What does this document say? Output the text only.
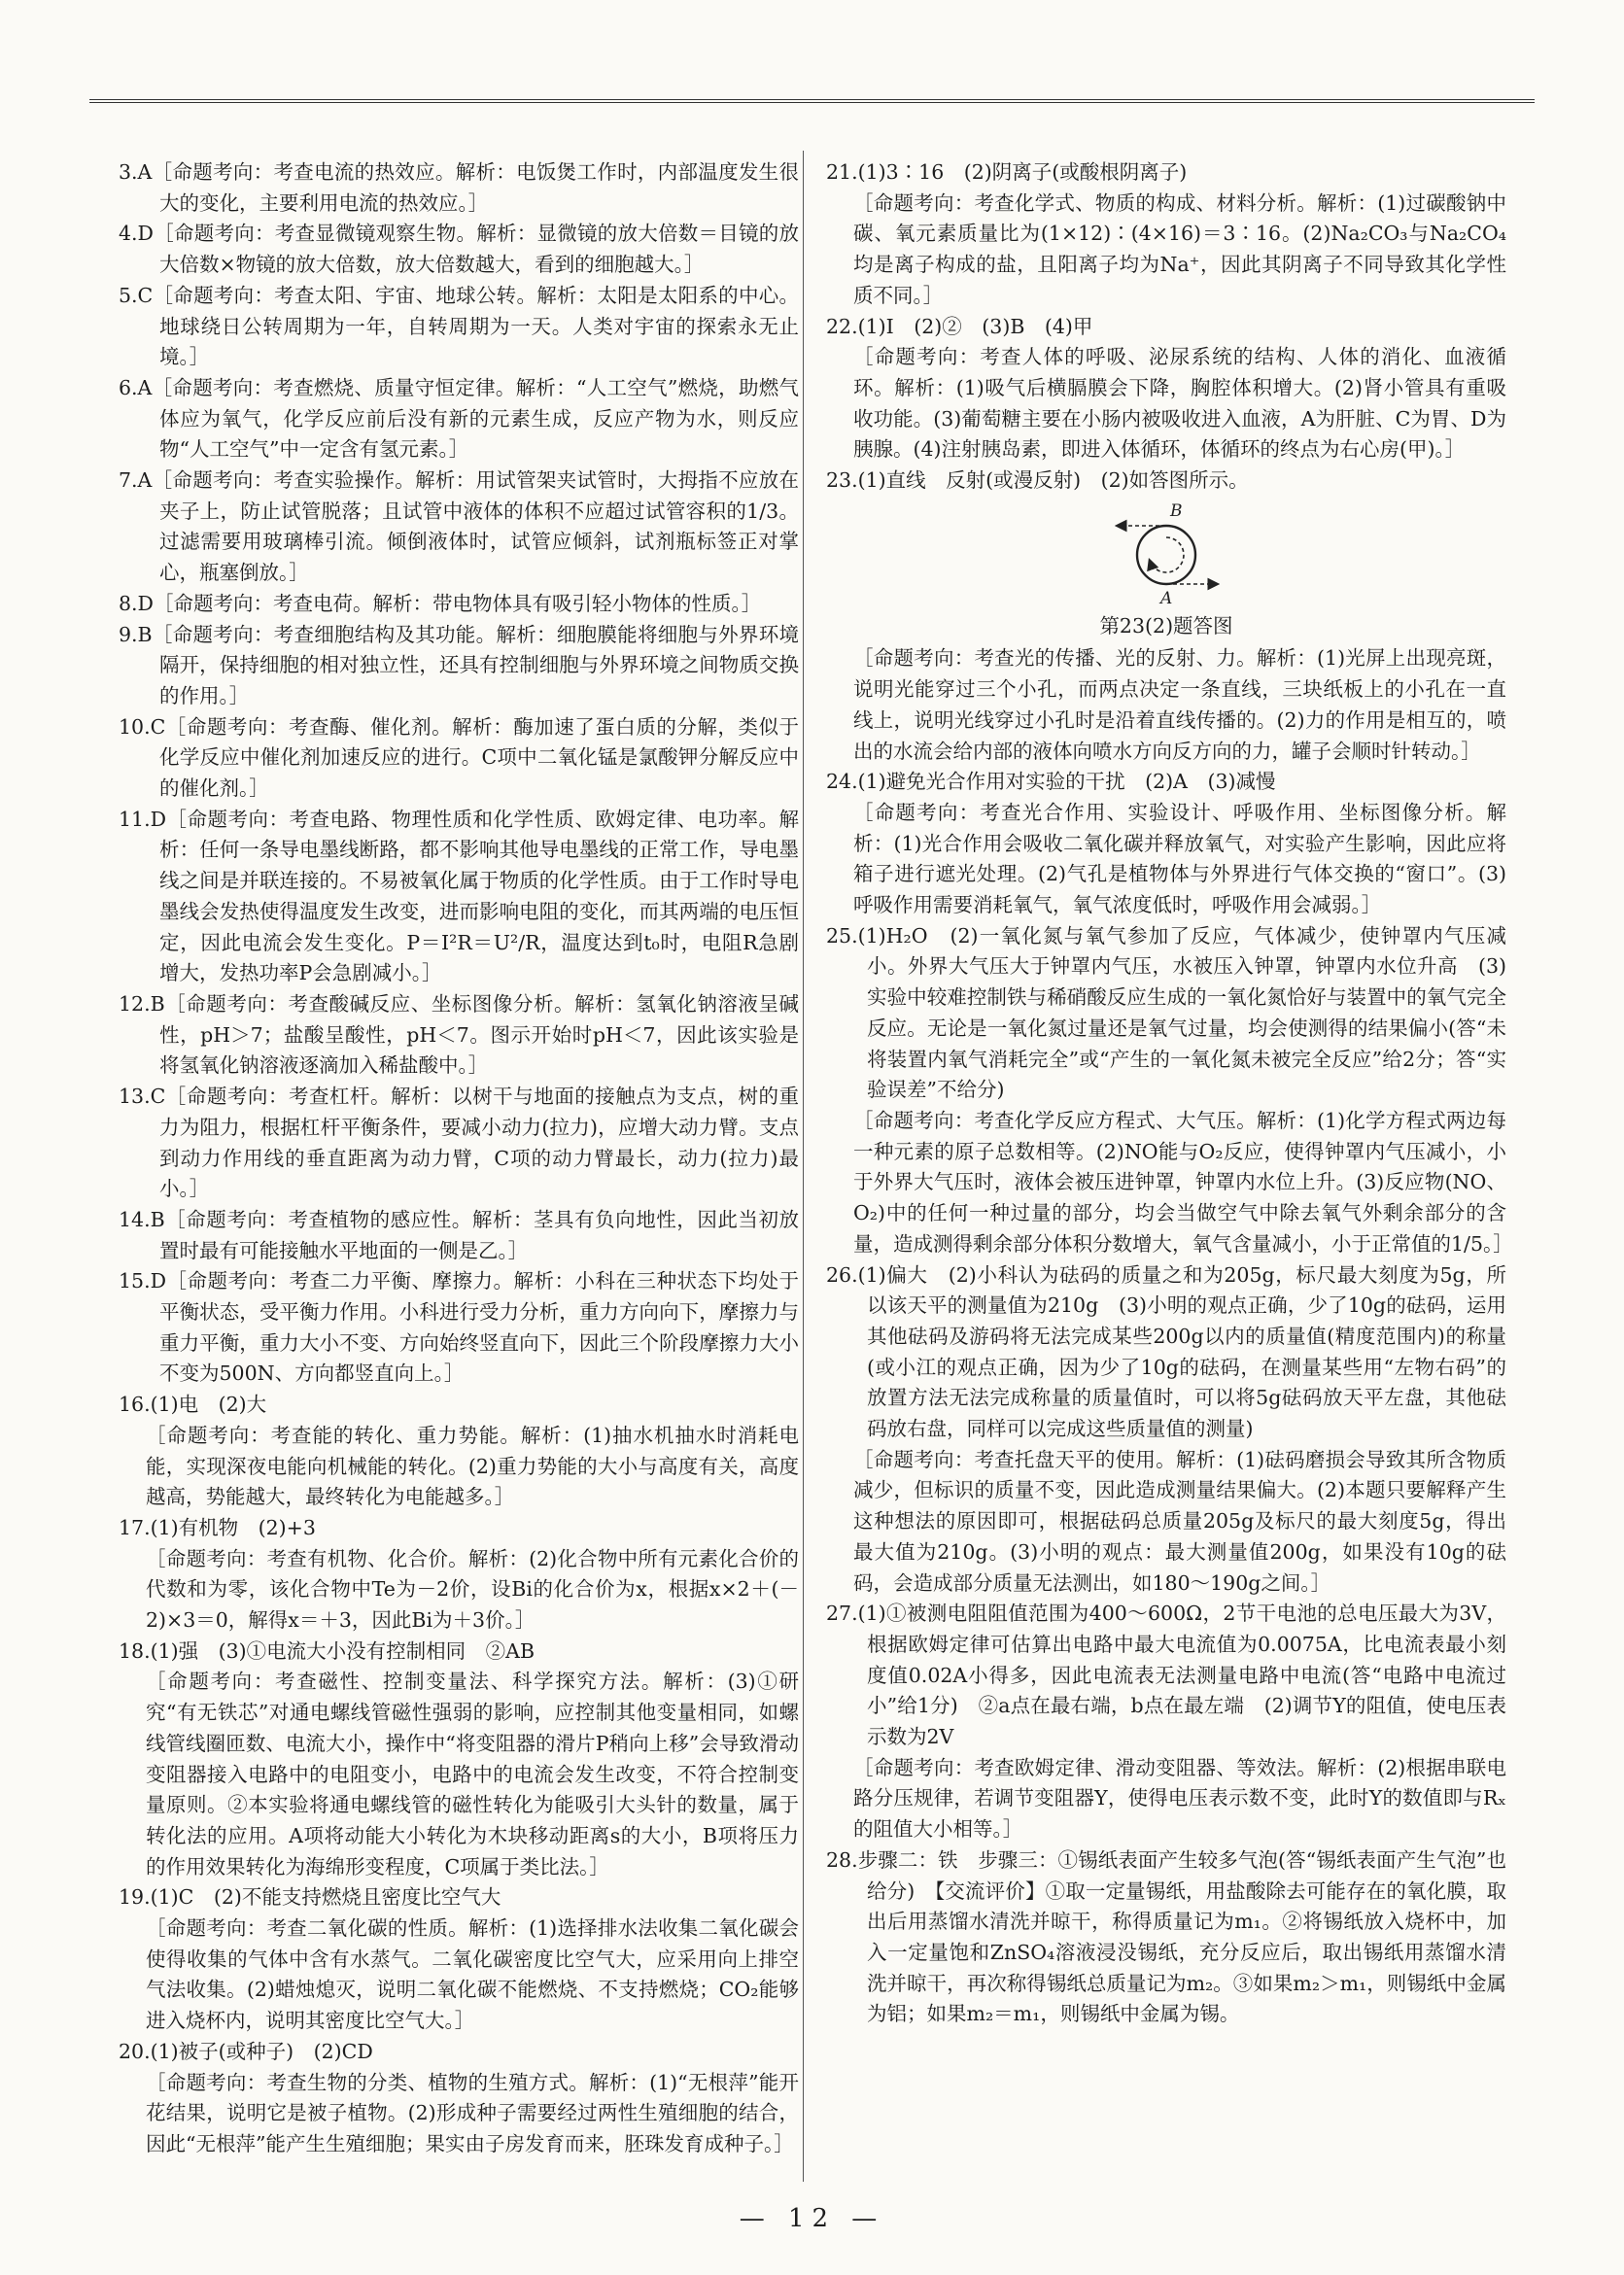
3.A［命题考向：考查电流的热效应。解析：电饭煲工作时，内部温度发生很大的变化，主要利用电流的热效应。］

4.D［命题考向：考查显微镜观察生物。解析：显微镜的放大倍数＝目镜的放大倍数×物镜的放大倍数，放大倍数越大，看到的细胞越大。］

5.C［命题考向：考查太阳、宇宙、地球公转。解析：太阳是太阳系的中心。地球绕日公转周期为一年，自转周期为一天。人类对宇宙的探索永无止境。］

6.A［命题考向：考查燃烧、质量守恒定律。解析：“人工空气”燃烧，助燃气体应为氧气，化学反应前后没有新的元素生成，反应产物为水，则反应物“人工空气”中一定含有氢元素。］

7.A［命题考向：考查实验操作。解析：用试管架夹试管时，大拇指不应放在夹子上，防止试管脱落；且试管中液体的体积不应超过试管容积的1/3。过滤需要用玻璃棒引流。倾倒液体时，试管应倾斜，试剂瓶标签正对掌心，瓶塞倒放。］

8.D［命题考向：考查电荷。解析：带电物体具有吸引轻小物体的性质。］

9.B［命题考向：考查细胞结构及其功能。解析：细胞膜能将细胞与外界环境隔开，保持细胞的相对独立性，还具有控制细胞与外界环境之间物质交换的作用。］

10.C［命题考向：考查酶、催化剂。解析：酶加速了蛋白质的分解，类似于化学反应中催化剂加速反应的进行。C项中二氧化锰是氯酸钾分解反应中的催化剂。］

11.D［命题考向：考查电路、物理性质和化学性质、欧姆定律、电功率。解析：任何一条导电墨线断路，都不影响其他导电墨线的正常工作，导电墨线之间是并联连接的。不易被氧化属于物质的化学性质。由于工作时导电墨线会发热使得温度发生改变，进而影响电阻的变化，而其两端的电压恒定，因此电流会发生变化。P＝I²R＝U²/R，温度达到t₀时，电阻R急剧增大，发热功率P会急剧减小。］

12.B［命题考向：考查酸碱反应、坐标图像分析。解析：氢氧化钠溶液呈碱性，pH＞7；盐酸呈酸性，pH＜7。图示开始时pH＜7，因此该实验是将氢氧化钠溶液逐滴加入稀盐酸中。］

13.C［命题考向：考查杠杆。解析：以树干与地面的接触点为支点，树的重力为阻力，根据杠杆平衡条件，要减小动力(拉力)，应增大动力臂。支点到动力作用线的垂直距离为动力臂，C项的动力臂最长，动力(拉力)最小。］

14.B［命题考向：考查植物的感应性。解析：茎具有负向地性，因此当初放置时最有可能接触水平地面的一侧是乙。］

15.D［命题考向：考查二力平衡、摩擦力。解析：小科在三种状态下均处于平衡状态，受平衡力作用。小科进行受力分析，重力方向向下，摩擦力与重力平衡，重力大小不变、方向始终竖直向下，因此三个阶段摩擦力大小不变为500N、方向都竖直向上。］

16.(1)电　(2)大

［命题考向：考查能的转化、重力势能。解析：(1)抽水机抽水时消耗电能，实现深夜电能向机械能的转化。(2)重力势能的大小与高度有关，高度越高，势能越大，最终转化为电能越多。］

17.(1)有机物　(2)+3

［命题考向：考查有机物、化合价。解析：(2)化合物中所有元素化合价的代数和为零，该化合物中Te为－2价，设Bi的化合价为x，根据x×2＋(－2)×3＝0，解得x＝＋3，因此Bi为＋3价。］

18.(1)强　(3)①电流大小没有控制相同　②AB

［命题考向：考查磁性、控制变量法、科学探究方法。解析：(3)①研究“有无铁芯”对通电螺线管磁性强弱的影响，应控制其他变量相同，如螺线管线圈匝数、电流大小，操作中“将变阻器的滑片P稍向上移”会导致滑动变阻器接入电路中的电阻变小，电路中的电流会发生改变，不符合控制变量原则。②本实验将通电螺线管的磁性转化为能吸引大头针的数量，属于转化法的应用。A项将动能大小转化为木块移动距离s的大小，B项将压力的作用效果转化为海绵形变程度，C项属于类比法。］

19.(1)C　(2)不能支持燃烧且密度比空气大

［命题考向：考查二氧化碳的性质。解析：(1)选择排水法收集二氧化碳会使得收集的气体中含有水蒸气。二氧化碳密度比空气大，应采用向上排空气法收集。(2)蜡烛熄灭，说明二氧化碳不能燃烧、不支持燃烧；CO₂能够进入烧杯内，说明其密度比空气大。］

20.(1)被子(或种子)　(2)CD

［命题考向：考查生物的分类、植物的生殖方式。解析：(1)“无根萍”能开花结果，说明它是被子植物。(2)形成种子需要经过两性生殖细胞的结合，因此“无根萍”能产生生殖细胞；果实由子房发育而来，胚珠发育成种子。］

21.(1)3∶16　(2)阴离子(或酸根阴离子)

［命题考向：考查化学式、物质的构成、材料分析。解析：(1)过碳酸钠中碳、氧元素质量比为(1×12)∶(4×16)＝3∶16。(2)Na₂CO₃与Na₂CO₄均是离子构成的盐，且阳离子均为Na⁺，因此其阴离子不同导致其化学性质不同。］

22.(1)Ⅰ　(2)②　(3)B　(4)甲

［命题考向：考查人体的呼吸、泌尿系统的结构、人体的消化、血液循环。解析：(1)吸气后横膈膜会下降，胸腔体积增大。(2)肾小管具有重吸收功能。(3)葡萄糖主要在小肠内被吸收进入血液，A为肝脏、C为胃、D为胰腺。(4)注射胰岛素，即进入体循环，体循环的终点为右心房(甲)。］

23.(1)直线　反射(或漫反射)　(2)如答图所示。

B
A

第23(2)题答图

［命题考向：考查光的传播、光的反射、力。解析：(1)光屏上出现亮斑，说明光能穿过三个小孔，而两点决定一条直线，三块纸板上的小孔在一直线上，说明光线穿过小孔时是沿着直线传播的。(2)力的作用是相互的，喷出的水流会给内部的液体向喷水方向反方向的力，罐子会顺时针转动。］

24.(1)避免光合作用对实验的干扰　(2)A　(3)减慢

［命题考向：考查光合作用、实验设计、呼吸作用、坐标图像分析。解析：(1)光合作用会吸收二氧化碳并释放氧气，对实验产生影响，因此应将箱子进行遮光处理。(2)气孔是植物体与外界进行气体交换的“窗口”。(3)呼吸作用需要消耗氧气，氧气浓度低时，呼吸作用会减弱。］

25.(1)H₂O　(2)一氧化氮与氧气参加了反应，气体减少，使钟罩内气压减小。外界大气压大于钟罩内气压，水被压入钟罩，钟罩内水位升高　(3)实验中较难控制铁与稀硝酸反应生成的一氧化氮恰好与装置中的氧气完全反应。无论是一氧化氮过量还是氧气过量，均会使测得的结果偏小(答“未将装置内氧气消耗完全”或“产生的一氧化氮未被完全反应”给2分；答“实验误差”不给分)

［命题考向：考查化学反应方程式、大气压。解析：(1)化学方程式两边每一种元素的原子总数相等。(2)NO能与O₂反应，使得钟罩内气压减小，小于外界大气压时，液体会被压进钟罩，钟罩内水位上升。(3)反应物(NO、O₂)中的任何一种过量的部分，均会当做空气中除去氧气外剩余部分的含量，造成测得剩余部分体积分数增大，氧气含量减小，小于正常值的1/5。］

26.(1)偏大　(2)小科认为砝码的质量之和为205g，标尺最大刻度为5g，所以该天平的测量值为210g　(3)小明的观点正确，少了10g的砝码，运用其他砝码及游码将无法完成某些200g以内的质量值(精度范围内)的称量(或小江的观点正确，因为少了10g的砝码，在测量某些用“左物右码”的放置方法无法完成称量的质量值时，可以将5g砝码放天平左盘，其他砝码放右盘，同样可以完成这些质量值的测量)

［命题考向：考查托盘天平的使用。解析：(1)砝码磨损会导致其所含物质减少，但标识的质量不变，因此造成测量结果偏大。(2)本题只要解释产生这种想法的原因即可，根据砝码总质量205g及标尺的最大刻度5g，得出最大值为210g。(3)小明的观点：最大测量值200g，如果没有10g的砝码，会造成部分质量无法测出，如180～190g之间。］

27.(1)①被测电阻阻值范围为400～600Ω，2节干电池的总电压最大为3V，根据欧姆定律可估算出电路中最大电流值为0.0075A，比电流表最小刻度值0.02A小得多，因此电流表无法测量电路中电流(答“电路中电流过小”给1分)　②a点在最右端，b点在最左端　(2)调节Y的阻值，使电压表示数为2V

［命题考向：考查欧姆定律、滑动变阻器、等效法。解析：(2)根据串联电路分压规律，若调节变阻器Y，使得电压表示数不变，此时Y的数值即与Rₓ的阻值大小相等。］

28.步骤二：铁　步骤三：①锡纸表面产生较多气泡(答“锡纸表面产生气泡”也给分)　【交流评价】①取一定量锡纸，用盐酸除去可能存在的氧化膜，取出后用蒸馏水清洗并晾干，称得质量记为m₁。②将锡纸放入烧杯中，加入一定量饱和ZnSO₄溶液浸没锡纸，充分反应后，取出锡纸用蒸馏水清洗并晾干，再次称得锡纸总质量记为m₂。③如果m₂＞m₁，则锡纸中金属为铝；如果m₂＝m₁，则锡纸中金属为锡。

— 12 —
